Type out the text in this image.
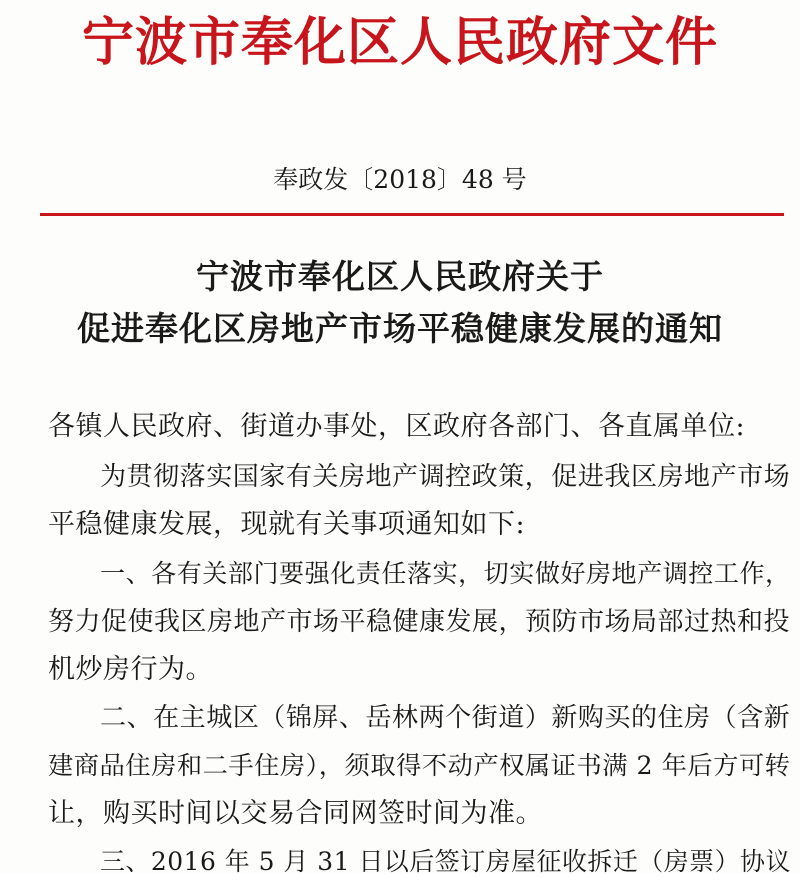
宁波市奉化区人民政府文件
奉政发〔2018〕48 号
宁波市奉化区人民政府关于
促进奉化区房地产市场平稳健康发展的通知
各镇人民政府、街道办事处，区政府各部门、各直属单位:
为贯彻落实国家有关房地产调控政策，促进我区房地产市场
平稳健康发展，现就有关事项通知如下:
一、各有关部门要强化责任落实，切实做好房地产调控工作，
努力促使我区房地产市场平稳健康发展，预防市场局部过热和投
机炒房行为。
二、在主城区（锦屏、岳林两个街道）新购买的住房（含新
建商品住房和二手住房），须取得不动产权属证书满 2 年后方可转
让，购买时间以交易合同网签时间为准。
三、2016 年 5 月 31 日以后签订房屋征收拆迁（房票）协议
